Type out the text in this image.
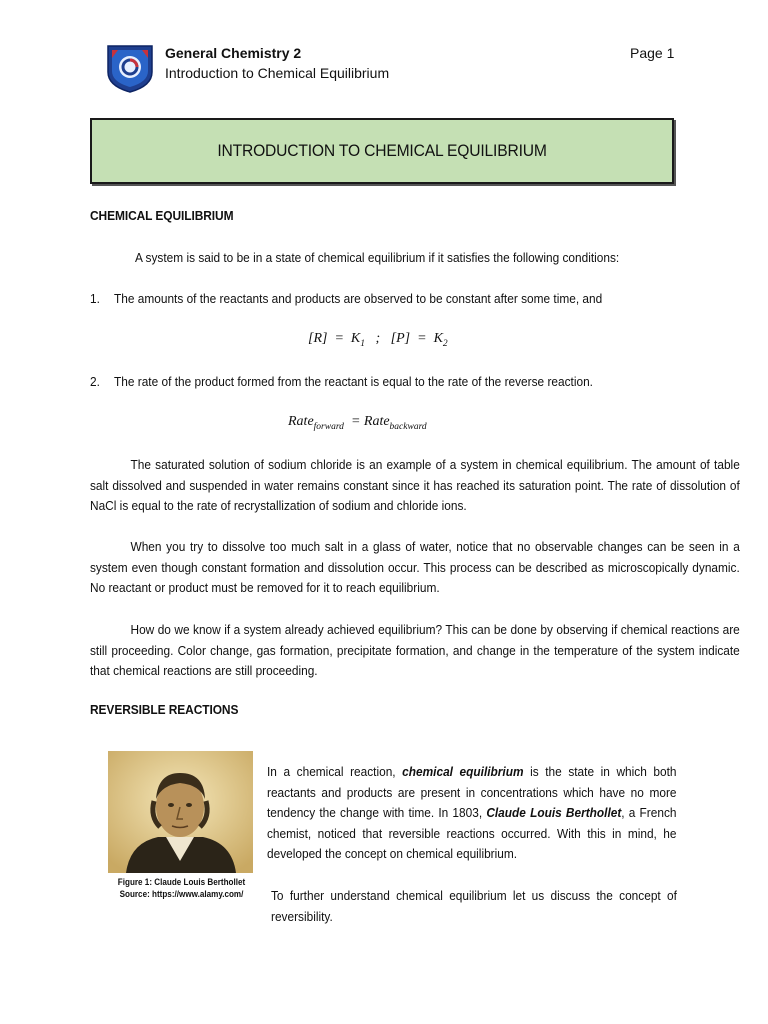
General Chemistry 2
Introduction to Chemical Equilibrium
Page 1
INTRODUCTION TO CHEMICAL EQUILIBRIUM
CHEMICAL EQUILIBRIUM
A system is said to be in a state of chemical equilibrium if it satisfies the following conditions:
1. The amounts of the reactants and products are observed to be constant after some time, and
$[R] = K_1$ ; $[P] = K_2$
2. The rate of the product formed from the reactant is equal to the rate of the reverse reaction.
Rate$_{forward}$  = Rate$_{backward}$
The saturated solution of sodium chloride is an example of a system in chemical equilibrium. The amount of table salt dissolved and suspended in water remains constant since it has reached its saturation point. The rate of dissolution of NaCl is equal to the rate of recrystallization of sodium and chloride ions.
When you try to dissolve too much salt in a glass of water, notice that no observable changes can be seen in a system even though constant formation and dissolution occur. This process can be described as microscopically dynamic. No reactant or product must be removed for it to reach equilibrium.
How do we know if a system already achieved equilibrium? This can be done by observing if chemical reactions are still proceeding. Color change, gas formation, precipitate formation, and change in the temperature of the system indicate that chemical reactions are still proceeding.
REVERSIBLE REACTIONS
Figure 1: Claude Louis Berthollet
Source: https://www.alamy.com/
In a chemical reaction, chemical equilibrium is the state in which both reactants and products are present in concentrations which have no more tendency the change with time. In 1803, Claude Louis Berthollet, a French chemist, noticed that reversible reactions occurred. With this in mind, he developed the concept on chemical equilibrium.
To further understand chemical equilibrium let us discuss the concept of reversibility.
